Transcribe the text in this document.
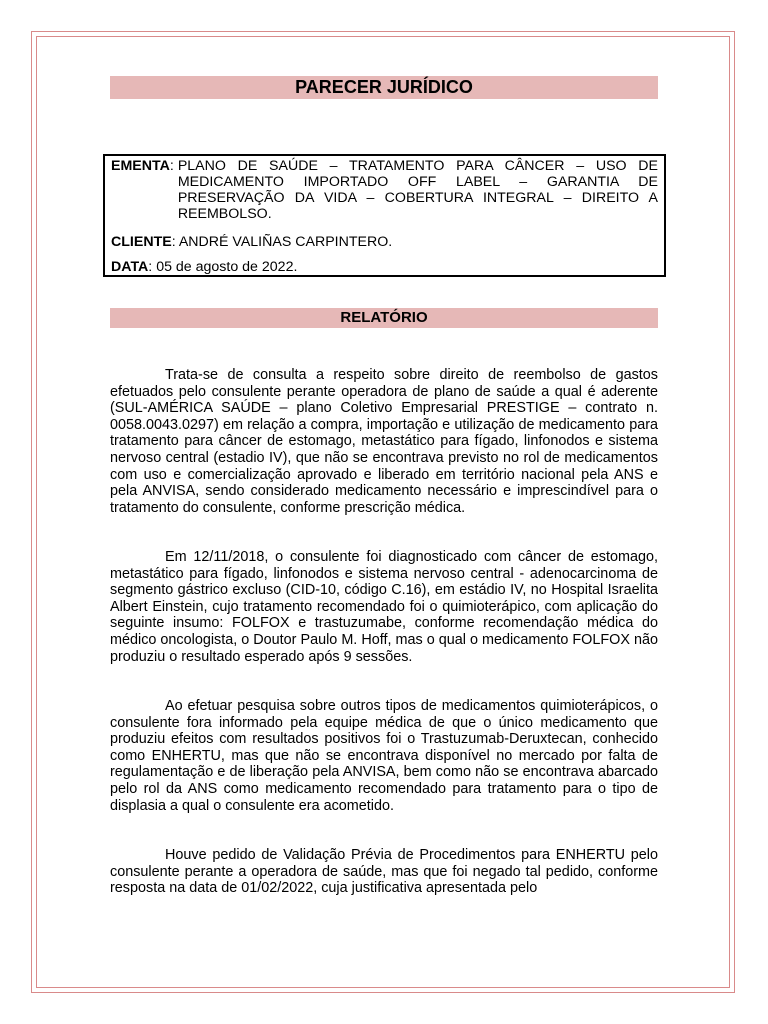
PARECER JURÍDICO
EMENTA: PLANO DE SAÚDE – TRATAMENTO PARA CÂNCER – USO DE MEDICAMENTO IMPORTADO OFF LABEL – GARANTIA DE PRESERVAÇÃO DA VIDA – COBERTURA INTEGRAL – DIREITO A REEMBOLSO.
CLIENTE: ANDRÉ VALIÑAS CARPINTERO.
DATA: 05 de agosto de 2022.
RELATÓRIO

Trata-se de consulta a respeito sobre direito de reembolso de gastos efetuados pelo consulente perante operadora de plano de saúde a qual é aderente (SUL-AMÉRICA SAÚDE – plano Coletivo Empresarial PRESTIGE – contrato n. 0058.0043.0297) em relação a compra, importação e utilização de medicamento para tratamento para câncer de estomago, metastático para fígado, linfonodos e sistema nervoso central (estadio IV), que não se encontrava previsto no rol de medicamentos com uso e comercialização aprovado e liberado em território nacional pela ANS e pela ANVISA, sendo considerado medicamento necessário e imprescindível para o tratamento do consulente, conforme prescrição médica.

Em 12/11/2018, o consulente foi diagnosticado com câncer de estomago, metastático para fígado, linfonodos e sistema nervoso central - adenocarcinoma de segmento gástrico excluso (CID-10, código C.16), em estádio IV, no Hospital Israelita Albert Einstein, cujo tratamento recomendado foi o quimioterápico, com aplicação do seguinte insumo: FOLFOX e trastuzumabe, conforme recomendação médica do médico oncologista, o Doutor Paulo M. Hoff, mas o qual o medicamento FOLFOX não produziu o resultado esperado após 9 sessões.

Ao efetuar pesquisa sobre outros tipos de medicamentos quimioterápicos, o consulente fora informado pela equipe médica de que o único medicamento que produziu efeitos com resultados positivos foi o Trastuzumab-Deruxtecan, conhecido como ENHERTU, mas que não se encontrava disponível no mercado por falta de regulamentação e de liberação pela ANVISA, bem como não se encontrava abarcado pelo rol da ANS como medicamento recomendado para tratamento para o tipo de displasia a qual o consulente era acometido.

Houve pedido de Validação Prévia de Procedimentos para ENHERTU pelo consulente perante a operadora de saúde, mas que foi negado tal pedido, conforme resposta na data de 01/02/2022, cuja justificativa apresentada pelo
